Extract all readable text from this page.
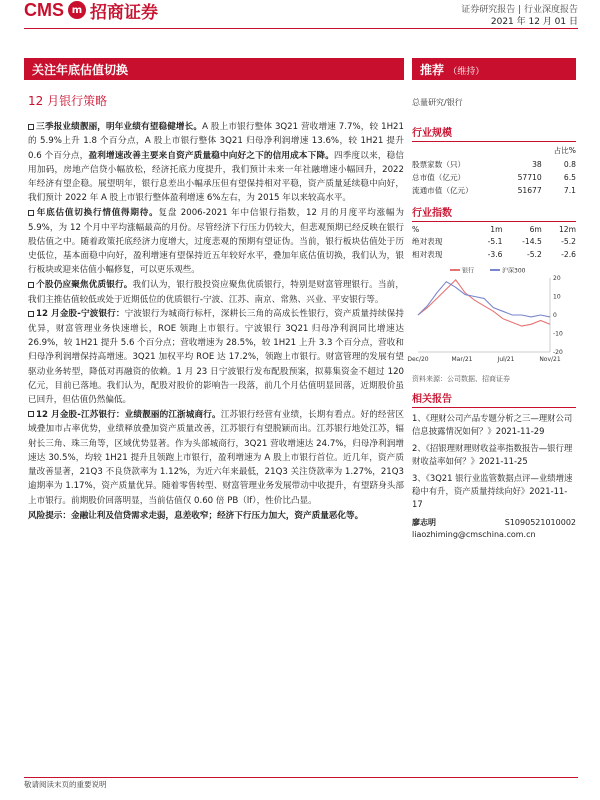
CMS m 招商证券	证券研究报告 | 行业深度报告
2021 年 12 月 01 日
关注年底估值切换	推荐 （维持）
12 月银行策略	总量研究/银行
三季报业绩靓丽，明年业绩有望稳健增长。A 股上市银行整体 3Q21 营收增速 7.7%，较 1H21 的 5.9%上升 1.8 个百分点，A 股上市银行整体 3Q21 归母净利润增速 13.6%，较 1H21 提升 0.6 个百分点，盈利增速改善主要来自资产质量稳中向好之下的信用成本下降。四季度以来，稳信用加码，房地产信贷小幅放松，经济托底力度提升，我们预计未来一年社融增速小幅回升，2022 年经济有望企稳。展望明年，银行息差出小幅承压但有望保持相对平稳，资产质量延续稳中向好，我们预计 2022 年 A 股上市银行整体盈利增速 6%左右，为 2015 年以来较高水平。
年底估值切换行情值得期待。复盘 2006-2021 年中信银行指数，12 月的月度平均涨幅为 5.9%，为 12 个月中平均涨幅最高的月份。尽管经济下行压力仍较大，但悲观预期已经反映在银行股估值之中。随着政策托底经济力度增大，过度悲观的预期有望证伪。当前，银行板块估值处于历史低位，基本面稳中向好，盈利增速有望保持近五年较好水平，叠加年底估值切换，我们认为，银行板块或迎来估值小幅修复，可以更乐观些。
个股仍应聚焦优质银行。我们认为，银行股投资应聚焦优质银行，特别是财富管理银行。当前，我们主推估值较低或处于近期低位的优质银行-宁波、江苏、南京、常熟、兴业、平安银行等。
12 月金股-宁波银行：宁波银行为城商行标杆，深耕长三角的高成长性银行，资产质量持续保持优异，财富管理业务快速增长，ROE 领跑上市银行。宁波银行 3Q21 归母净利润同比增速达 26.9%，较 1H21 提升 5.6 个百分点；营收增速为 28.5%，较 1H21 上升 3.3 个百分点，营收和归母净利润增保持高增速。3Q21 加权平均 ROE 达 17.2%，领跑上市银行。财富管理的发展有望驱动业务转型，降低对再融资的依赖。1 月 23 日宁波银行发布配股预案，拟募集资金不超过 120 亿元，目前已落地。我们认为，配股对股价的影响告一段落，前几个月估值明显回落，近期股价虽已回升，但估值仍然偏低。
12 月金股-江苏银行：业绩靓丽的江浙城商行。江苏银行经营有业绩，长期有看点。好的经营区域叠加市占率优势，业绩释放叠加资产质量改善，江苏银行有望脱颖而出。江苏银行地处江苏，辐射长三角、珠三角等，区域优势显著。作为头部城商行，3Q21 营收增速达 24.7%，归母净利润增速达 30.5%，均较 1H21 提升且领跑上市银行，盈利增速为 A 股上市银行首位。近几年，资产质量改善显著，21Q3 不良贷款率为 1.12%，为近六年来最低，21Q3 关注贷款率为 1.27%，21Q3 逾期率为 1.17%，资产质量优异。随着零售转型、财富管理业务发展带动中收提升，有望跻身头部上市银行。前期股价回落明显，当前估值仅 0.60 倍 PB（lf），性价比凸显。
风险提示：金融让利及信贷需求走弱，息差收窄；经济下行压力加大，资产质量恶化等。
行业规模
		占比%
股票家数（只）	38	0.8
总市值（亿元）	57710	6.5
流通市值（亿元）	51677	7.1
行业指数
%	1m	6m	12m
绝对表现	-5.1	-14.5	-5.2
相对表现	-3.6	-5.2	-2.6
银行	沪深300
20
10
0
-10
-20
Dec/20	Mar/21	Jul/21	Nov/21
资料来源：公司数据、招商证券
相关报告
1、《理财公司产品专题分析之三—理财公司信息披露情况如何？》2021-11-29
2、《招银理财理财收益率指数报告—银行理财收益率如何？》2021-11-25
3、《3Q21 银行业监管数据点评—业绩增速稳中有升，资产质量持续向好》2021-11-17
廖志明	S1090521010002
liaozhiming@cmschina.com.cn
敬请阅读末页的重要说明
